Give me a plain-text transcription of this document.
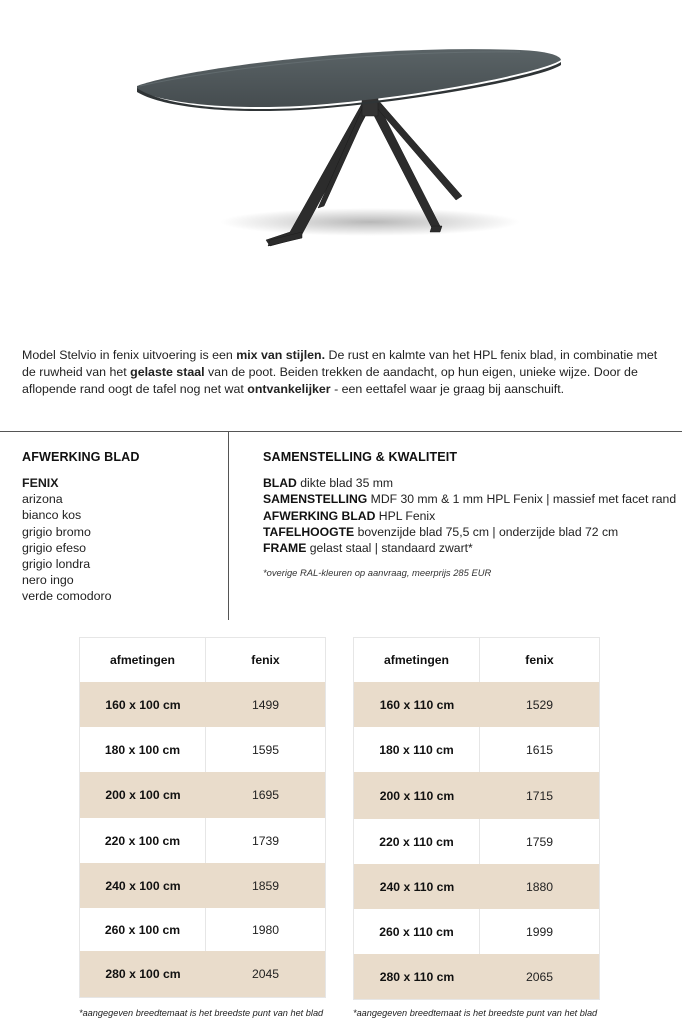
Model Stelvio in fenix uitvoering is een mix van stijlen. De rust en kalmte van het HPL fenix blad, in combinatie met de ruwheid van het gelaste staal van de poot. Beiden trekken de aandacht, op hun eigen, unieke wijze. Door de aflopende rand oogt de tafel nog net wat ontvankelijker - een eettafel waar je graag bij aanschuift.

AFWERKING BLAD
FENIX
arizona
bianco kos
grigio bromo
grigio efeso
grigio londra
nero ingo
verde comodoro
SAMENSTELLING & KWALITEIT
BLAD dikte blad 35 mm
SAMENSTELLING MDF 30 mm & 1 mm HPL Fenix | massief met facet rand
AFWERKING BLAD HPL Fenix
TAFELHOOGTE bovenzijde blad 75,5 cm | onderzijde blad 72 cm
FRAME gelast staal | standaard zwart*
*overige RAL-kleuren op aanvraag, meerprijs 285 EUR
afmetingen	fenix
160 x 100 cm	1499
180 x 100 cm	1595
200 x 100 cm	1695
220 x 100 cm	1739
240 x 100 cm	1859
260 x 100 cm	1980
280 x 100 cm	2045
*aangegeven breedtemaat is het breedste punt van het blad
afmetingen	fenix
160 x 110 cm	1529
180 x 110 cm	1615
200 x 110 cm	1715
220 x 110 cm	1759
240 x 110 cm	1880
260 x 110 cm	1999
280 x 110 cm	2065
*aangegeven breedtemaat is het breedste punt van het blad
